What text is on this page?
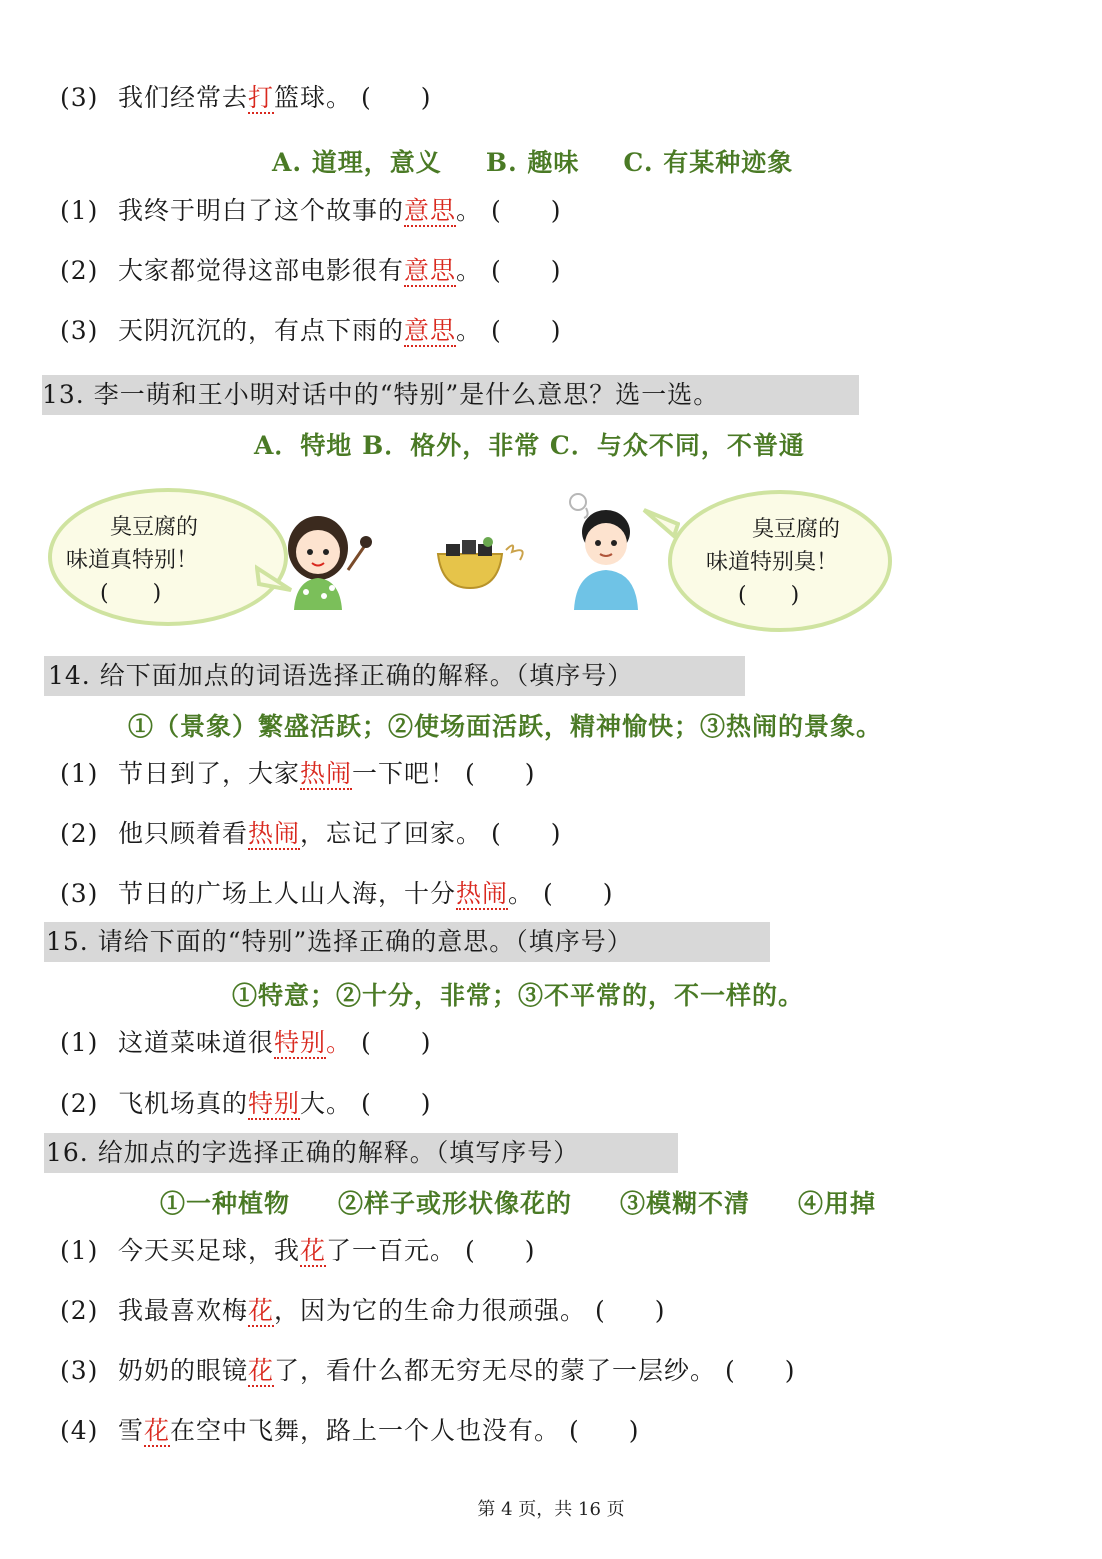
(3) 我们经常去打篮球。 (　　)
A. 道理，意义 B. 趣味 C. 有某种迹象
(1) 我终于明白了这个故事的意思。 (　　)
(2) 大家都觉得这部电影很有意思。 (　　)
(3) 天阴沉沉的，有点下雨的意思。 (　　)
13. 李一萌和王小明对话中的“特别”是什么意思？选一选。
A．特地 B．格外，非常 C．与众不同，不普通
臭豆腐的
味道真特别！
(　　)
臭豆腐的
味道特别臭！
(　　)
14. 给下面加点的词语选择正确的解释。（填序号）
①（景象）繁盛活跃；②使场面活跃，精神愉快；③热闹的景象。
(1) 节日到了，大家热闹一下吧！ (　　)
(2) 他只顾着看热闹，忘记了回家。 (　　)
(3) 节日的广场上人山人海，十分热闹。 (　　)
15. 请给下面的“特别”选择正确的意思。（填序号）
①特意；②十分，非常；③不平常的，不一样的。
(1) 这道菜味道很特别。 (　　)
(2) 飞机场真的特别大。 (　　)
16. 给加点的字选择正确的解释。（填写序号）
①一种植物 ②样子或形状像花的 ③模糊不清 ④用掉
(1) 今天买足球，我花了一百元。 (　　)
(2) 我最喜欢梅花，因为它的生命力很顽强。 (　　)
(3) 奶奶的眼镜花了，看什么都无穷无尽的蒙了一层纱。 (　　)
(4) 雪花在空中飞舞，路上一个人也没有。 (　　)
第 4 页，共 16 页
